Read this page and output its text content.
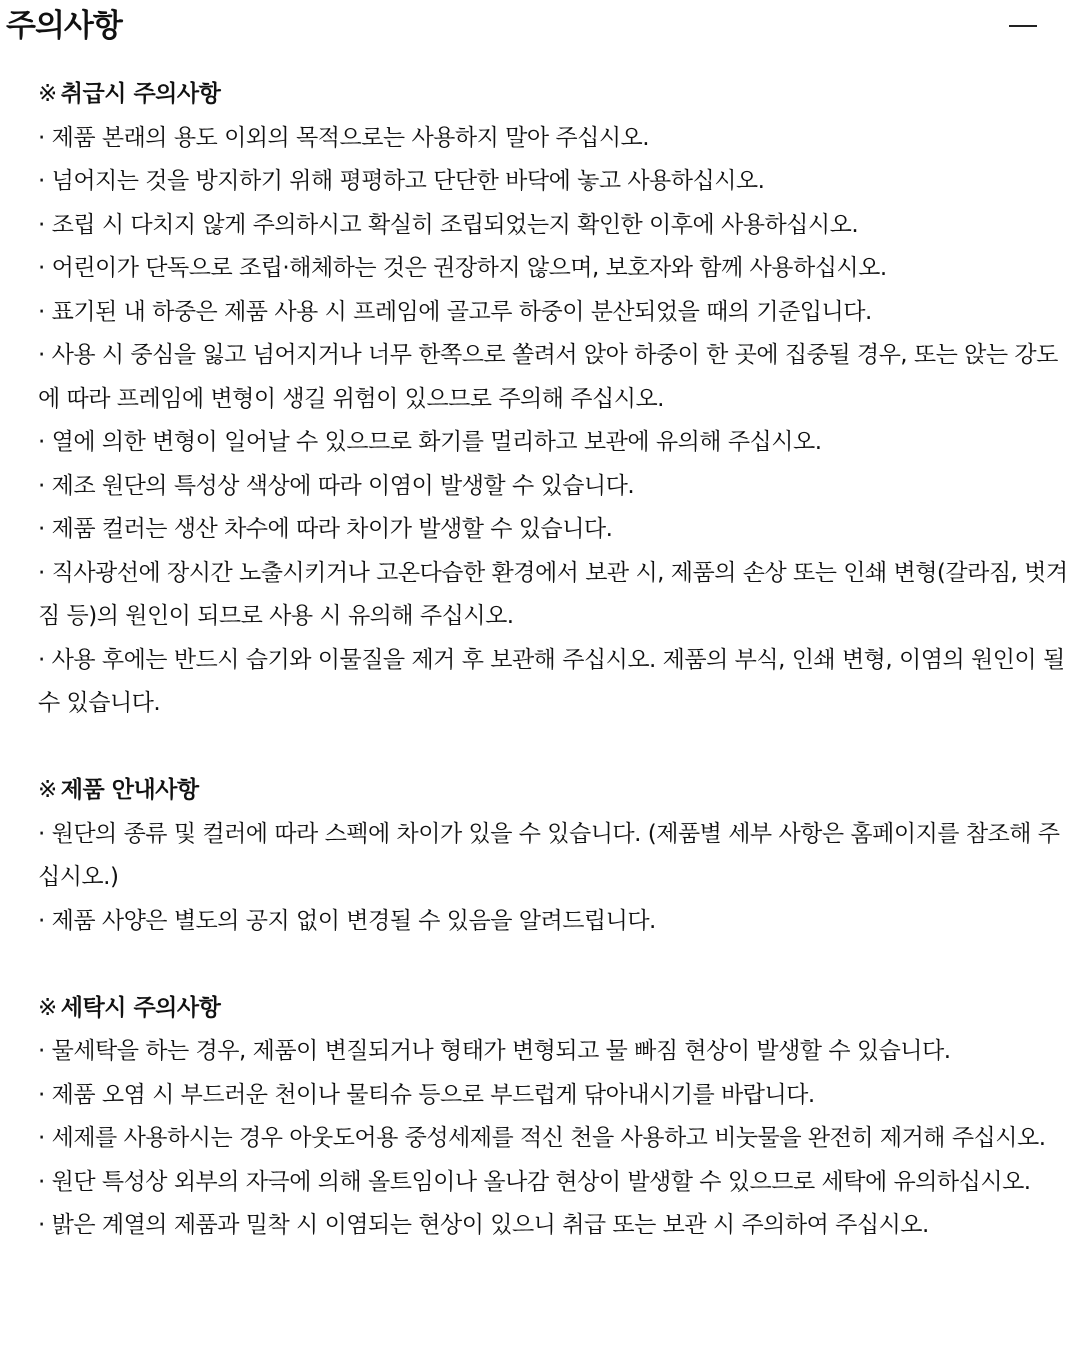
주의사항

※ 취급시 주의사항

· 제품 본래의 용도 이외의 목적으로는 사용하지 말아 주십시오.

· 넘어지는 것을 방지하기 위해 평평하고 단단한 바닥에 놓고 사용하십시오.

· 조립 시 다치지 않게 주의하시고 확실히 조립되었는지 확인한 이후에 사용하십시오.

· 어린이가 단독으로 조립·해체하는 것은 권장하지 않으며, 보호자와 함께 사용하십시오.

· 표기된 내 하중은 제품 사용 시 프레임에 골고루 하중이 분산되었을 때의 기준입니다.

· 사용 시 중심을 잃고 넘어지거나 너무 한쪽으로 쏠려서 앉아 하중이 한 곳에 집중될 경우, 또는 앉는 강도에 따라 프레임에 변형이 생길 위험이 있으므로 주의해 주십시오.

· 열에 의한 변형이 일어날 수 있으므로 화기를 멀리하고 보관에 유의해 주십시오.

· 제조 원단의 특성상 색상에 따라 이염이 발생할 수 있습니다.

· 제품 컬러는 생산 차수에 따라 차이가 발생할 수 있습니다.

· 직사광선에 장시간 노출시키거나 고온다습한 환경에서 보관 시, 제품의 손상 또는 인쇄 변형(갈라짐, 벗겨짐 등)의 원인이 되므로 사용 시 유의해 주십시오.

· 사용 후에는 반드시 습기와 이물질을 제거 후 보관해 주십시오. 제품의 부식, 인쇄 변형, 이염의 원인이 될 수 있습니다.

※ 제품 안내사항

· 원단의 종류 및 컬러에 따라 스펙에 차이가 있을 수 있습니다. (제품별 세부 사항은 홈페이지를 참조해 주십시오.)

· 제품 사양은 별도의 공지 없이 변경될 수 있음을 알려드립니다.

※ 세탁시 주의사항

· 물세탁을 하는 경우, 제품이 변질되거나 형태가 변형되고 물 빠짐 현상이 발생할 수 있습니다.

· 제품 오염 시 부드러운 천이나 물티슈 등으로 부드럽게 닦아내시기를 바랍니다.

· 세제를 사용하시는 경우 아웃도어용 중성세제를 적신 천을 사용하고 비눗물을 완전히 제거해 주십시오.

· 원단 특성상 외부의 자극에 의해 올트임이나 올나감 현상이 발생할 수 있으므로 세탁에 유의하십시오.

· 밝은 계열의 제품과 밀착 시 이염되는 현상이 있으니 취급 또는 보관 시 주의하여 주십시오.
